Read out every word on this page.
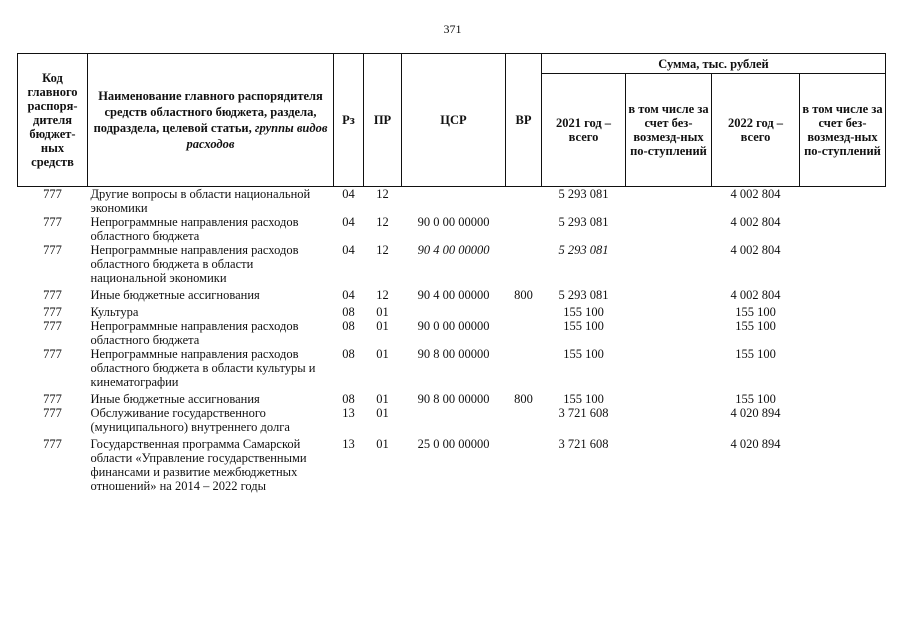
371
Код главного распоря-дителя бюджет-ных средств	Наименование главного распорядителя средств областного бюджета, раздела, подраздела, целевой статьи, группы видов расходов	Рз	ПР	ЦСР	ВР	Сумма, тыс. рублей			
						2021 год – всего	в том числе за счет без-возмезд-ных по-ступлений	2022 год – всего	в том числе за счет без-возмезд-ных по-ступлений
777	Другие вопросы в области национальной экономики	04	12			5 293 081		4 002 804	
777	Непрограммные направления расходов областного бюджета	04	12	90 0 00 00000		5 293 081		4 002 804	
777	Непрограммные направления расходов областного бюджета в области национальной экономики	04	12	90 4 00 00000		5 293 081		4 002 804	
777	Иные бюджетные ассигнования	04	12	90 4 00 00000	800	5 293 081		4 002 804	
777	Культура	08	01			155 100		155 100	
777	Непрограммные направления расходов областного бюджета	08	01	90 0 00 00000		155 100		155 100	
777	Непрограммные направления расходов областного бюджета в области культуры и кинематографии	08	01	90 8 00 00000		155 100		155 100	
777	Иные бюджетные ассигнования	08	01	90 8 00 00000	800	155 100		155 100	
777	Обслуживание государственного (муниципального) внутреннего долга	13	01			3 721 608		4 020 894	
777	Государственная программа Самарской области «Управление государственными финансами и развитие межбюджетных отношений» на 2014 – 2022 годы	13	01	25 0 00 00000		3 721 608		4 020 894	
